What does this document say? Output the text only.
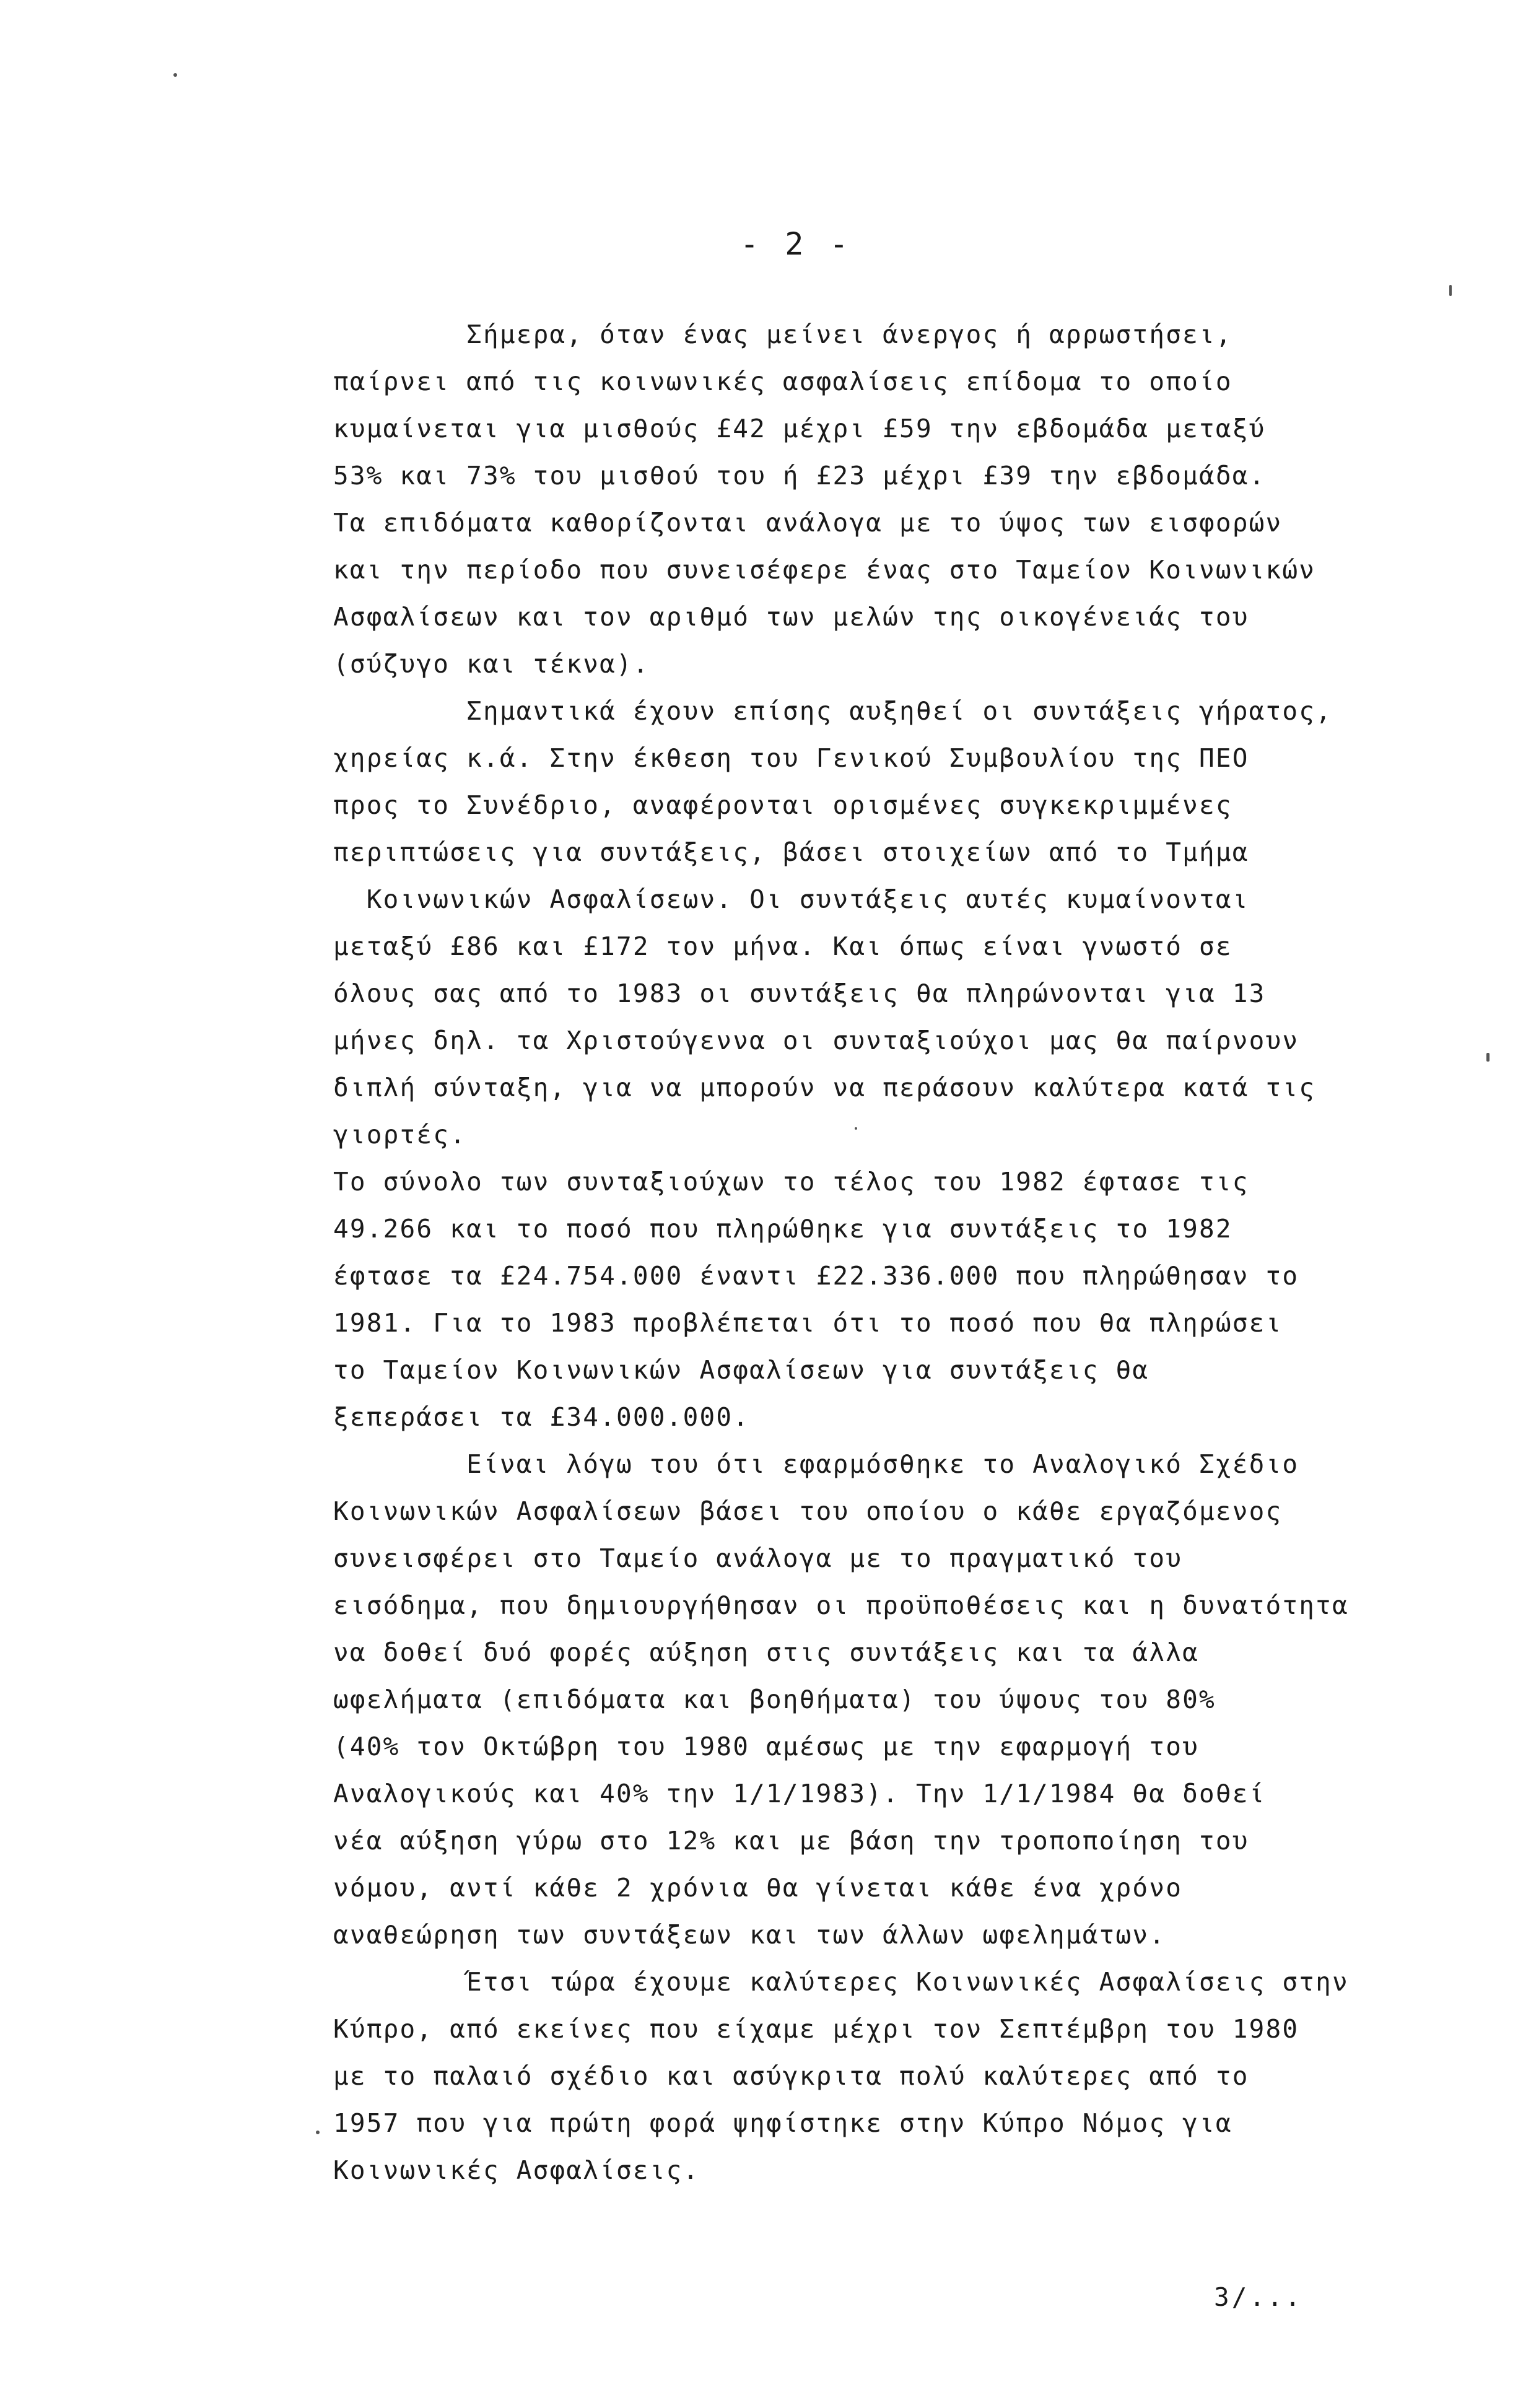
- 2 -
Σήμερα, όταν ένας μείνει άνεργος ή αρρωστήσει,
παίρνει από τις κοινωνικές ασφαλίσεις επίδομα το οποίο
κυμαίνεται για μισθούς £42 μέχρι £59 την εβδομάδα μεταξύ
53% και 73% του μισθού του ή £23 μέχρι £39 την εβδομάδα.
Τα επιδόματα καθορίζονται ανάλογα με το ύψος των εισφορών
και την περίοδο που συνεισέφερε ένας στο Ταμείον Κοινωνικών
Ασφαλίσεων και τον αριθμό των μελών της οικογένειάς του
(σύζυγο και τέκνα).
Σημαντικά έχουν επίσης αυξηθεί οι συντάξεις γήρατος,
χηρείας κ.ά. Στην έκθεση του Γενικού Συμβουλίου της ΠΕΟ
προς το Συνέδριο, αναφέρονται ορισμένες συγκεκριμμένες
περιπτώσεις για συντάξεις, βάσει στοιχείων από το Τμήμα
Κοινωνικών Ασφαλίσεων. Οι συντάξεις αυτές κυμαίνονται
μεταξύ £86 και £172 τον μήνα. Και όπως είναι γνωστό σε
όλους σας από το 1983 οι συντάξεις θα πληρώνονται για 13
μήνες δηλ. τα Χριστούγεννα οι συνταξιούχοι μας θα παίρνουν
διπλή σύνταξη, για να μπορούν να περάσουν καλύτερα κατά τις
γιορτές.
Το σύνολο των συνταξιούχων το τέλος του 1982 έφτασε τις
49.266 και το ποσό που πληρώθηκε για συντάξεις το 1982
έφτασε τα £24.754.000 έναντι £22.336.000 που πληρώθησαν το
1981. Για το 1983 προβλέπεται ότι το ποσό που θα πληρώσει
το Ταμείον Κοινωνικών Ασφαλίσεων για συντάξεις θα
ξεπεράσει τα £34.000.000.
Είναι λόγω του ότι εφαρμόσθηκε το Αναλογικό Σχέδιο
Κοινωνικών Ασφαλίσεων βάσει του οποίου ο κάθε εργαζόμενος
συνεισφέρει στο Ταμείο ανάλογα με το πραγματικό του
εισόδημα, που δημιουργήθησαν οι προϋποθέσεις και η δυνατότητα
να δοθεί δυό φορές αύξηση στις συντάξεις και τα άλλα
ωφελήματα (επιδόματα και βοηθήματα) του ύψους του 80%
(40% τον Οκτώβρη του 1980 αμέσως με την εφαρμογή του
Αναλογικούς και 40% την 1/1/1983). Την 1/1/1984 θα δοθεί
νέα αύξηση γύρω στο 12% και με βάση την τροποποίηση του
νόμου, αντί κάθε 2 χρόνια θα γίνεται κάθε ένα χρόνο
αναθεώρηση των συντάξεων και των άλλων ωφελημάτων.
Έτσι τώρα έχουμε καλύτερες Κοινωνικές Ασφαλίσεις στην
Κύπρο, από εκείνες που είχαμε μέχρι τον Σεπτέμβρη του 1980
με το παλαιό σχέδιο και ασύγκριτα πολύ καλύτερες από το
1957 που για πρώτη φορά ψηφίστηκε στην Κύπρο Νόμος για
Κοινωνικές Ασφαλίσεις.
3/...
